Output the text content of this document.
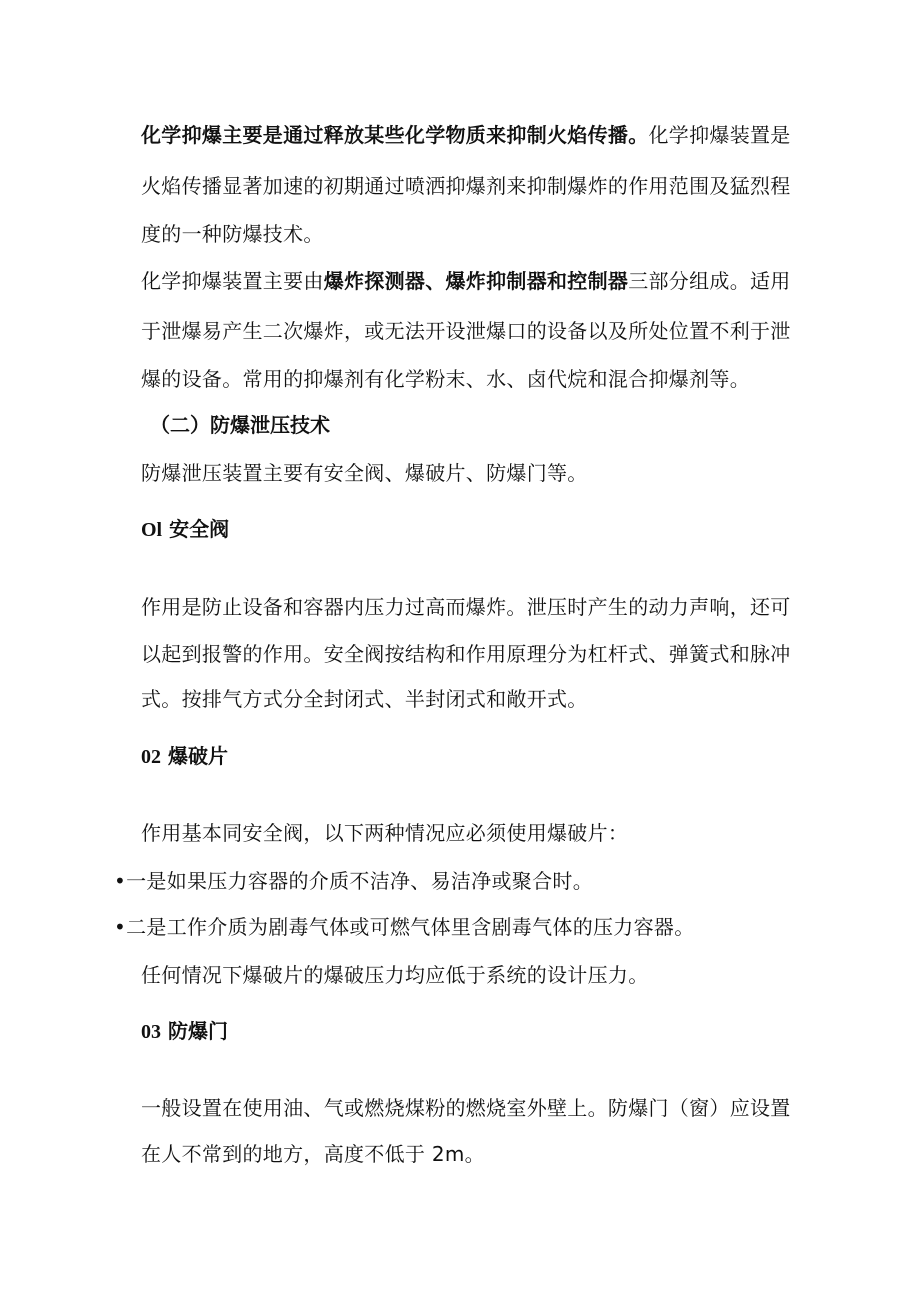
化学抑爆主要是通过释放某些化学物质来抑制火焰传播。化学抑爆装置是
火焰传播显著加速的初期通过喷洒抑爆剂来抑制爆炸的作用范围及猛烈程
度的一种防爆技术。
化学抑爆装置主要由爆炸探测器、爆炸抑制器和控制器三部分组成。适用
于泄爆易产生二次爆炸，或无法开设泄爆口的设备以及所处位置不利于泄
爆的设备。常用的抑爆剂有化学粉末、水、卤代烷和混合抑爆剂等。
（二）防爆泄压技术
防爆泄压装置主要有安全阀、爆破片、防爆门等。
Ol 安全阀
作用是防止设备和容器内压力过高而爆炸。泄压时产生的动力声响，还可
以起到报警的作用。安全阀按结构和作用原理分为杠杆式、弹簧式和脉冲
式。按排气方式分全封闭式、半封闭式和敞开式。
02 爆破片
作用基本同安全阀，以下两种情况应必须使用爆破片：
•一是如果压力容器的介质不洁净、易洁净或聚合时。
•二是工作介质为剧毒气体或可燃气体里含剧毒气体的压力容器。
任何情况下爆破片的爆破压力均应低于系统的设计压力。
03 防爆门
一般设置在使用油、气或燃烧煤粉的燃烧室外壁上。防爆门（窗）应设置
在人不常到的地方，高度不低于 2m。
